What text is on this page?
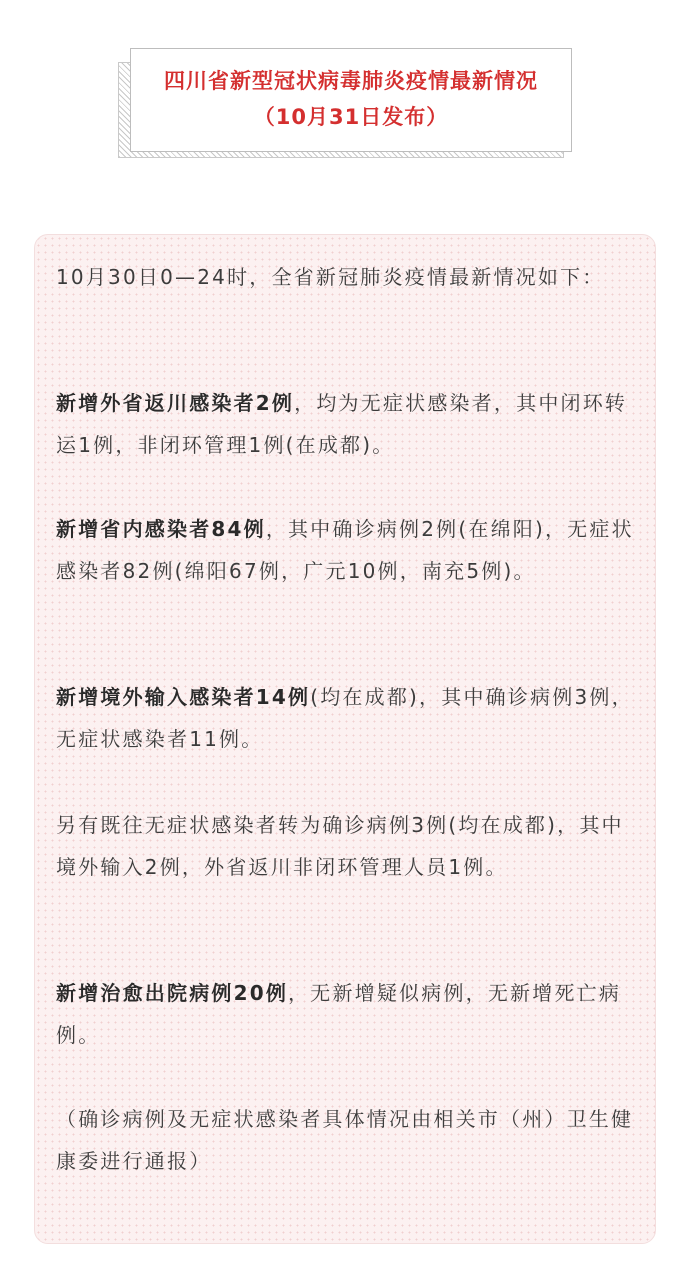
四川省新型冠状病毒肺炎疫情最新情况
（10月31日发布）

10月30日0—24时，全省新冠肺炎疫情最新情况如下：

新增外省返川感染者2例，均为无症状感染者，其中闭环转运1例，非闭环管理1例(在成都)。

新增省内感染者84例，其中确诊病例2例(在绵阳)，无症状感染者82例(绵阳67例，广元10例，南充5例)。

新增境外输入感染者14例(均在成都)，其中确诊病例3例，无症状感染者11例。

另有既往无症状感染者转为确诊病例3例(均在成都)，其中境外输入2例，外省返川非闭环管理人员1例。

新增治愈出院病例20例，无新增疑似病例，无新增死亡病例。

（确诊病例及无症状感染者具体情况由相关市（州）卫生健康委进行通报）
